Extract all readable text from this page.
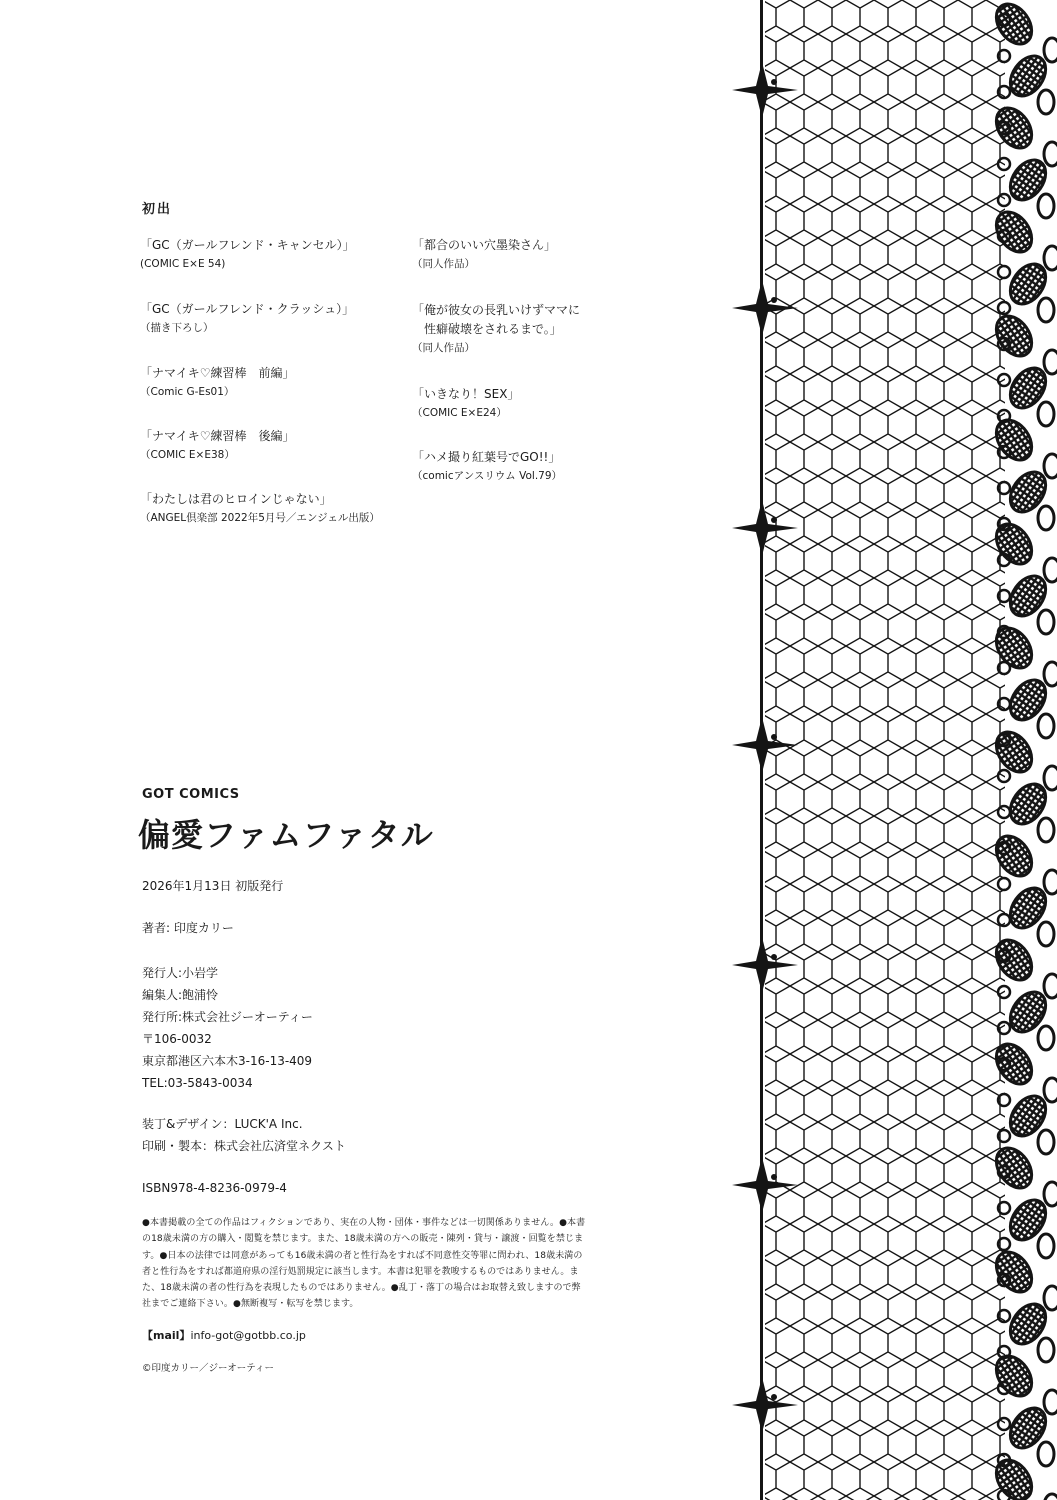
初出
「GC（ガールフレンド・キャンセル）」
(COMIC E×E 54)
「GC（ガールフレンド・クラッシュ）」
（描き下ろし）
「ナマイキ♡練習棒　前編」
（Comic G-Es01）
「ナマイキ♡練習棒　後編」
（COMIC E×E38）
「わたしは君のヒロインじゃない」
（ANGEL倶楽部 2022年5月号／エンジェル出版）
「都合のいい穴墨染さん」
（同人作品）
「俺が彼女の長乳いけずママに
　性癖破壊をされるまで。」
（同人作品）
「いきなり！SEX」
（COMIC E×E24）
「ハメ撮り紅葉号でGO!!」
（comicアンスリウム Vol.79）
GOT COMICS
偏愛ファムファタル
2026年1月13日 初版発行
著者: 印度カリー
発行人:小岩学
編集人:飽浦怜
発行所:株式会社ジーオーティー
〒106-0032
東京都港区六本木3-16-13-409
TEL:03-5843-0034
装丁&デザイン：LUCK'A Inc.
印刷・製本：株式会社広済堂ネクスト
ISBN978-4-8236-0979-4
●本書掲載の全ての作品はフィクションであり、実在の人物・団体・事件などは一切関係ありません。●本書の18歳未満の方の購入・閲覧を禁じます。また、18歳未満の方への販売・陳列・貸与・譲渡・回覧を禁じます。●日本の法律では同意があっても16歳未満の者と性行為をすれば不同意性交等罪に問われ、18歳未満の者と性行為をすれば都道府県の淫行処罰規定に該当します。本書は犯罪を教唆するものではありません。また、18歳未満の者の性行為を表現したものではありません。●乱丁・落丁の場合はお取替え致しますので弊社までご連絡下さい。●無断複写・転写を禁じます。
【mail】info-got@gotbb.co.jp
©印度カリー／ジーオーティー
